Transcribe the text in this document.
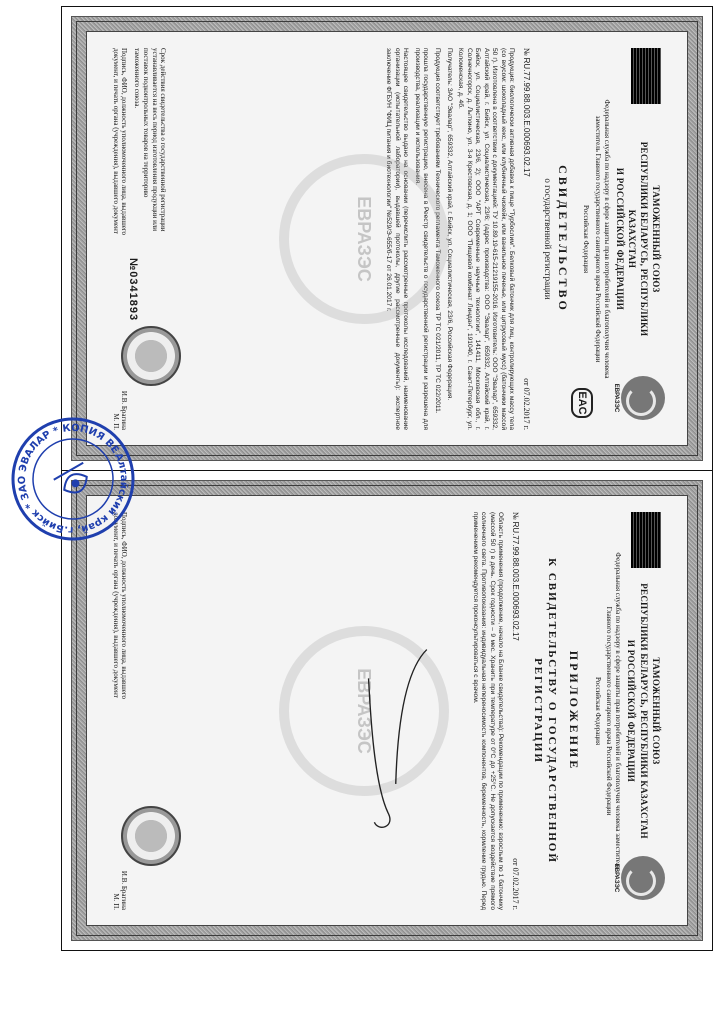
ЕВРАЗЭС
ТАМОЖЕННЫЙ СОЮЗ
РЕСПУБЛИКИ БЕЛАРУСЬ, РЕСПУБЛИКИ КАЗАХСТАН
И РОССИЙСКОЙ ФЕДЕРАЦИИ
Федеральная служба по надзору в сфере защиты прав потребителей и благополучия человека заместитель Главного государственного санитарного врача Российской Федерации
Российская Федерация
EAC
СВИДЕТЕЛЬСТВО
о государственной регистрации
№ RU.77.99.88.003.E.000693.02.17
от 07.02.2017 г.
ЕВРАЗЭС	Продукция: биологически активная добавка к пище "Турбослим". Белковый батончик для лиц, контролирующих массу тела (со вкусом: шоколадный кекс, или клубничный чизкейк, или ванильное печенье, или цитрусовый мусс) (батончики массой 50 г). Изготовлена в соответствии с документацией: ТУ 10.89.19-615-21219155-2016. Изготовитель: ООО "Эвалар", 659332, Алтайский край, г. Бийск, ул. Социалистическая, 23/6; (адрес производства: ООО "Эвалар", 659332, Алтайский край, г. Бийск, ул. Социалистическая, 23/6, 2); ООО "АРТ Современные научные технологии", 141411, Московская обл., г. Солнечногорск, д. Лыткино, ул. 3-я Крестовская, д. 1; ООО "Пищевой комбинат Линдан", 191040, г. Санкт-Петербург, ул. Коломенская, д. 4б.

Получатель: ЗАО "Эвалар", 659332, Алтайский край, г. Бийск, ул. Социалистическая, 23/6, Российская Федерация.

Продукция соответствует требованиям Технического регламента Таможенного союза ТР ТС 021/2011, ТР ТС 022/2011.

прошла государственную регистрацию, внесена в Реестр свидетельств о государственной регистрации и разрешена для производства, реализации и использования.

Настоящее свидетельство выдано на основании (перечислить рассмотренные протоколы исследований, наименование организации (испытательной лаборатории), выдавшей протоколы, другие рассмотренные документы): экспертное заключение ФГБУН "ФИЦ питания и биотехнологии" №529/Э-655/б-17 от 26.01.2017 г.

Срок действия свидетельства о государственной регистрации устанавливается на весь период изготовления продукции или поставок подконтрольных товаров на территорию таможенного союза.
Подпись, ФИО, должность уполномоченного лица, выдавшего документ, и печать органа (учреждения), выдавшего документ
№0341893
И.В. Брагина
М. П.
ЕВРАЗЭС
ТАМОЖЕННЫЙ СОЮЗ
РЕСПУБЛИКИ БЕЛАРУСЬ, РЕСПУБЛИКИ КАЗАХСТАН
И РОССИЙСКОЙ ФЕДЕРАЦИИ
Федеральная служба по надзору в сфере защиты прав потребителей и благополучия человека заместитель Главного государственного санитарного врача Российской Федерации
Российская Федерация
ПРИЛОЖЕНИЕ
К СВИДЕТЕЛЬСТВУ О ГОСУДАРСТВЕННОЙ РЕГИСТРАЦИИ
№ RU.77.99.88.003.E.000693.02.17
от 07.02.2017 г.
ЕВРАЗЭС	Область применения (продолжение, начало на Бланке свидетельства): Рекомендации по применению: взрослым по 1 батончику (массой 50 г) в день. Срок годности – 9 мес. Хранить при температуре от 0°С до +25°С. Не допускается воздействие прямого солнечного света. Противопоказания: индивидуальная непереносимость компонентов, беременность, кормление грудью. Перед применением рекомендуется проконсультироваться с врачом.

Подпись, ФИО, должность уполномоченного лица, выдавшего документ, и печать органа (учреждения), выдавшего документ
И.В. Брагина
М. П.
Алтайский край, г.Бийск * ЗАО ЭВАЛАР * КОПИЯ ВЕРНА
